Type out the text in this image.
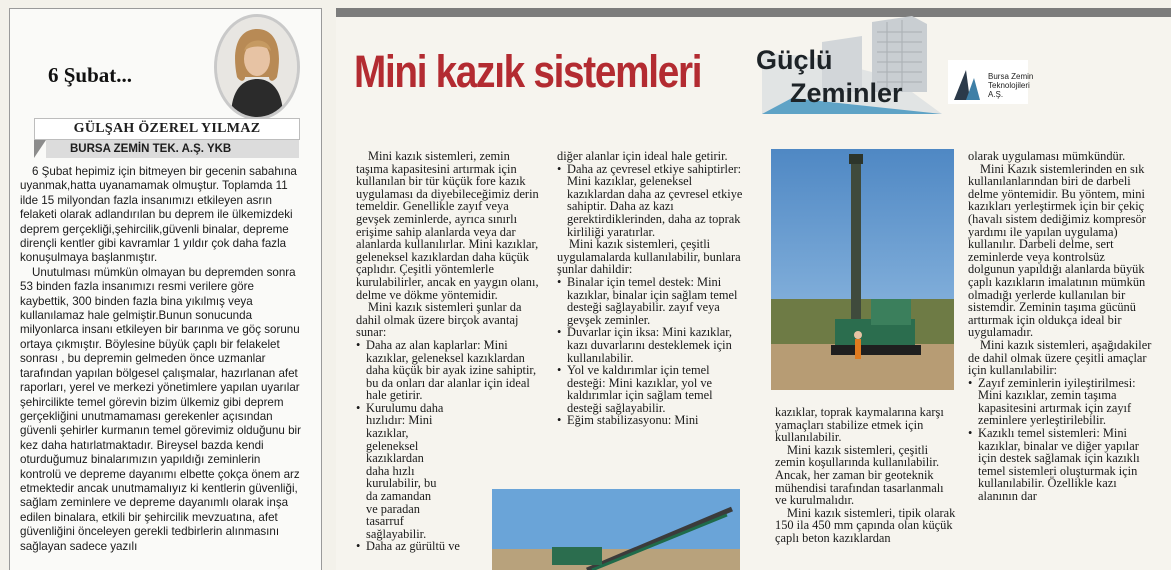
6 Şubat...
GÜLŞAH ÖZEREL YILMAZ
BURSA ZEMİN TEK. A.Ş. YKB

6 Şubat hepimiz için bitmeyen bir gecenin sabahına uyanmak,hatta uyanamamak olmuştur. Toplamda 11 ilde 15 milyondan fazla insanımızı etkileyen asrın felaketi olarak adlandırılan bu deprem ile ülkemizdeki deprem gerçekliği,şehircilik,güvenli binalar, depreme dirençli kentler gibi kavramlar 1 yıldır çok daha fazla konuşulmaya başlanmıştır.

Unutulması mümkün olmayan bu depremden sonra 53 binden fazla insanımızı resmi verilere göre kaybettik, 300 binden fazla bina yıkılmış veya kullanılamaz hale gelmiştir.Bunun sonucunda milyonlarca insanı etkileyen bir barınma ve göç sorunu ortaya çıkmıştır. Böylesine büyük çaplı bir felakelet sonrası , bu depremin gelmeden önce uzmanlar tarafından yapılan bölgesel çalışmalar, hazırlanan afet raporları, yerel ve merkezi yönetimlere yapılan uyarılar şehircilikte temel görevin bizim ülkemiz gibi deprem gerçekliğini unutmamaması gerekenler açısından güvenli şehirler kurmanın temel görevimiz olduğunu bir kez daha hatırlatmaktadır. Bireysel bazda kendi oturduğumuz binalarımızın yapıldığı zeminlerin kontrolü ve depreme dayanımı elbette çokça önem arz etmektedir ancak unutmamalıyız ki kentlerin güvenliği, sağlam zeminlere ve depreme dayanımlı olarak inşa edilen binalara, etkili bir şehircilik mevzuatına, afet güvenliğini önceleyen gerekli tedbirlerin alınmasını sağlayan sadece yazılı

Mini kazık sistemleri Güçlü
Zeminler
Bursa Zemin Teknolojileri A.Ş.

Mini kazık sistemleri, zemin taşıma kapasitesini artırmak için kullanılan bir tür küçük fore kazık uygulaması da diyebileceğimiz derin temeldir. Genellikle zayıf veya gevşek zeminlerde, ayrıca sınırlı erişime sahip alanlarda veya dar alanlarda kullanılırlar. Mini kazıklar, geleneksel kazıklardan daha küçük çaplıdır. Çeşitli yöntemlerle kurulabilirler, ancak en yaygın olanı, delme ve dökme yöntemidir.

Mini kazık sistemleri şunlar da dahil olmak üzere birçok avantaj sunar:

• Daha az alan kaplarlar: Mini kazıklar, geleneksel kazıklardan daha küçük bir ayak izine sahiptir, bu da onları dar alanlar için ideal hale getirir.
• Kurulumu daha hızlıdır: Mini kazıklar, geleneksel kazıklardan daha hızlı kurulabilir, bu da zamandan ve paradan tasarruf sağlayabilir.
• Daha az gürültü ve

diğer alanlar için ideal hale getirir.

• Daha az çevresel etkiye sahiptirler: Mini kazıklar, geleneksel kazıklardan daha az çevresel etkiye sahiptir. Daha az kazı gerektirdiklerinden, daha az toprak kirliliği yaratırlar.

Mini kazık sistemleri, çeşitli uygulamalarda kullanılabilir, bunlara şunlar dahildir:

• Binalar için temel destek: Mini kazıklar, binalar için sağlam temel desteği sağlayabilir. zayıf veya gevşek zeminler.
• Duvarlar için iksa: Mini kazıklar, kazı duvarlarını desteklemek için kullanılabilir.
• Yol ve kaldırımlar için temel desteği: Mini kazıklar, yol ve kaldırımlar için sağlam temel desteği sağlayabilir.
• Eğim stabilizasyonu: Mini

kazıklar, toprak kaymalarına karşı yamaçları stabilize etmek için kullanılabilir.

Mini kazık sistemleri, çeşitli zemin koşullarında kullanılabilir. Ancak, her zaman bir geoteknik mühendisi tarafından tasarlanmalı ve kurulmalıdır.

Mini kazık sistemleri, tipik olarak 150 ila 450 mm çapında olan küçük çaplı beton kazıklardan

olarak uygulaması mümkündür.

Mini Kazık sistemlerinden en sık kullanılanlarından biri de darbeli delme yöntemidir. Bu yöntem, mini kazıkları yerleştirmek için bir çekiç (havalı sistem dediğimiz kompresör yardımı ile yapılan uygulama) kullanılır. Darbeli delme, sert zeminlerde veya kontrolsüz dolgunun yapıldığı alanlarda büyük çaplı kazıkların imalatının mümkün olmadığı yerlerde kullanılan bir sistemdir. Zeminin taşıma gücünü arttırmak için oldukça ideal bir uygulamadır.

Mini kazık sistemleri, aşağıdakiler de dahil olmak üzere çeşitli amaçlar için kullanılabilir:

• Zayıf zeminlerin iyileştirilmesi: Mini kazıklar, zemin taşıma kapasitesini artırmak için zayıf zeminlere yerleştirilebilir.
• Kazıklı temel sistemleri: Mini kazıklar, binalar ve diğer yapılar için destek sağlamak için kazıklı temel sistemleri oluşturmak için kullanılabilir. Özellikle kazı alanının dar
